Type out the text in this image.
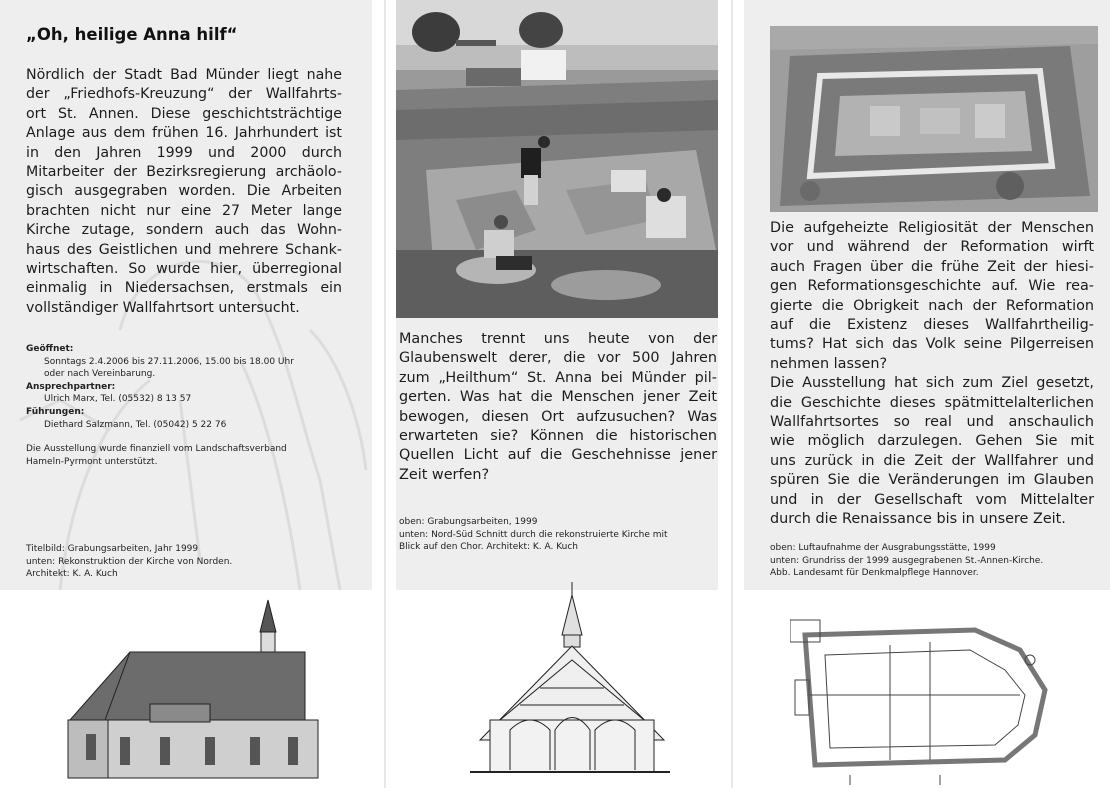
„Oh, heilige Anna hilf“
Nördlich der Stadt Bad Münder liegt nahe
der „Friedhofs-Kreuzung“ der Wallfahrts-
ort St. Annen. Diese geschichtsträchtige
Anlage aus dem frühen 16. Jahrhundert ist
in den Jahren 1999 und 2000 durch
Mitarbeiter der Bezirksregierung archäolo-
gisch ausgegraben worden. Die Arbeiten
brachten nicht nur eine 27 Meter lange
Kirche zutage, sondern auch das Wohn-
haus des Geistlichen und mehrere Schank-
wirtschaften. So wurde hier, überregional
einmalig in Niedersachsen, erstmals ein
vollständiger Wallfahrtsort untersucht.
Geöffnet:
Sonntags 2.4.2006 bis 27.11.2006, 15.00 bis 18.00 Uhr
oder nach Vereinbarung.
Ansprechpartner:
Ulrich Marx, Tel. (05532) 8 13 57
Führungen:
Diethard Salzmann, Tel. (05042) 5 22 76
Die Ausstellung wurde finanziell vom Landschaftsverband
Hameln-Pyrmont unterstützt.
Titelbild: Grabungsarbeiten, Jahr 1999
unten: Rekonstruktion der Kirche von Norden.
Architekt: K. A. Kuch
Manches trennt uns heute von der
Glaubenswelt derer, die vor 500 Jahren
zum „Heilthum“ St. Anna bei Münder pil-
gerten. Was hat die Menschen jener Zeit
bewogen, diesen Ort aufzusuchen? Was
erwarteten sie? Können die historischen
Quellen Licht auf die Geschehnisse jener
Zeit werfen?
oben: Grabungsarbeiten, 1999
unten: Nord-Süd Schnitt durch die rekonstruierte Kirche mit
Blick auf den Chor. Architekt: K. A. Kuch
Die aufgeheizte Religiosität der Menschen
vor und während der Reformation wirft
auch Fragen über die frühe Zeit der hiesi-
gen Reformationsgeschichte auf. Wie rea-
gierte die Obrigkeit nach der Reformation
auf die Existenz dieses Wallfahrtheilig-
tums? Hat sich das Volk seine Pilgerreisen
nehmen lassen?
Die Ausstellung hat sich zum Ziel gesetzt,
die Geschichte dieses spätmittelalterlichen
Wallfahrtsortes so real und anschaulich
wie möglich darzulegen. Gehen Sie mit
uns zurück in die Zeit der Wallfahrer und
spüren Sie die Veränderungen im Glauben
und in der Gesellschaft vom Mittelalter
durch die Renaissance bis in unsere Zeit.
oben: Luftaufnahme der Ausgrabungsstätte, 1999
unten: Grundriss der 1999 ausgegrabenen St.-Annen-Kirche.
Abb. Landesamt für Denkmalpflege Hannover.
